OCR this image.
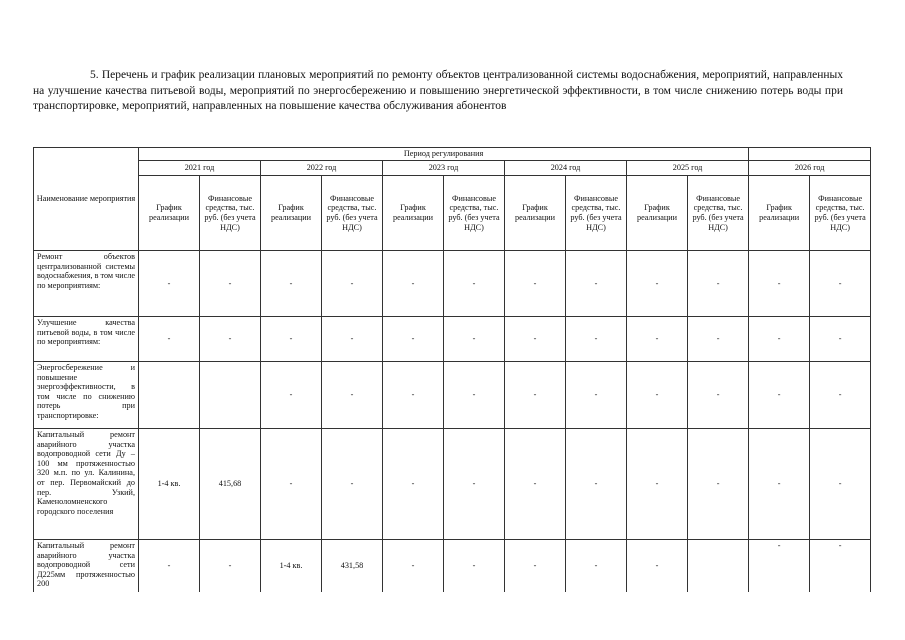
5. Перечень и график реализации плановых мероприятий по ремонту объектов централизованной системы водоснабжения, мероприятий, направленных на улучшение качества питьевой воды, мероприятий по энергосбережению и повышению энергетической эффективности, в том числе снижению потерь воды при транспортировке, мероприятий, направленных на повышение качества обслуживания абонентов

Наименование мероприятия	Период регулирования											
	2021 год		2022 год		2023 год		2024 год		2025 год		2026 год	
	График реализации	Финансовые средства, тыс. руб. (без учета НДС)	График реализации	Финансовые средства, тыс. руб. (без учета НДС)	График реализации	Финансовые средства, тыс. руб. (без учета НДС)	График реализации	Финансовые средства, тыс. руб. (без учета НДС)	График реализации	Финансовые средства, тыс. руб. (без учета НДС)	График реализации	Финансовые средства, тыс. руб. (без учета НДС)
Ремонт объектов централизованной системы водоснабжения, в том числе по мероприятиям:	-	-	-	-	-	-	-	-	-	-	-	-
Улучшение качества питьевой воды, в том числе по мероприятиям:	-	-	-	-	-	-	-	-	-	-	-	-
Энергосбережение и повышение энергоэффективности, в том числе по снижению потерь при транспортировке:			-	-	-	-	-	-	-	-	-	-
Капитальный ремонт аварийного участка водопроводной сети Ду – 100 мм протяженностью 320 м.п. по ул. Калинина, от пер. Первомайский до пер. Узкий, Каменоломненского городского поселения	1-4 кв.	415,68	-	-	-	-	-	-	-	-	-	-
Капитальный ремонт аварийного участка водопроводной сети Д225мм протяженностью 200	-	-	1-4 кв.	431,58	-	-	-	-	-		-	-
